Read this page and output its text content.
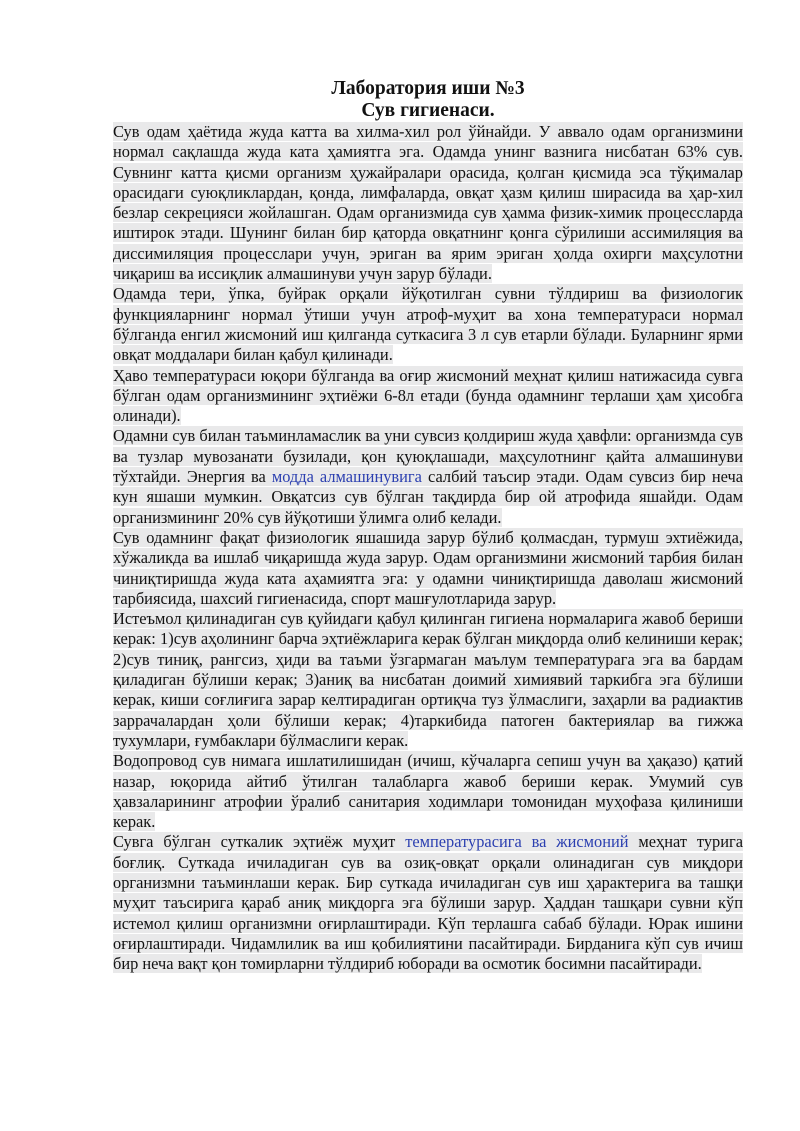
Лаборатория иши №3
Сув гигиенаси.

Сув одам ҳаётида жуда катта ва хилма-хил рол ўйнайди. У аввало одам организмини нормал сақлашда жуда ката ҳамиятга эга. Одамда унинг вазнига нисбатан 63% сув. Сувнинг катта қисми организм ҳужайралари орасида, қолган қисмида эса тўқималар орасидаги суюқликлардан, қонда, лимфаларда, овқат ҳазм қилиш ширасида ва ҳар-хил безлар секрецияси жойлашган. Одам организмида сув ҳамма физик-химик процессларда иштирок этади. Шунинг билан бир қаторда овқатнинг қонга сўрилиши ассимиляция ва диссимиляция процесслари учун, эриган ва ярим эриган ҳолда охирги маҳсулотни чиқариш ва иссиқлик алмашинуви учун зарур бўлади.

Одамда тери, ўпка, буйрак орқали йўқотилган сувни тўлдириш ва физиологик функцияларнинг нормал ўтиши учун атроф-муҳит ва хона температураси нормал бўлганда енгил жисмоний иш қилганда суткасига 3 л сув етарли бўлади. Буларнинг ярми овқат моддалари билан қабул қилинади.

Ҳаво температураси юқори бўлганда ва оғир жисмоний меҳнат қилиш натижасида сувга бўлган одам организмининг эҳтиёжи 6-8л етади (бунда одамнинг терлаши ҳам ҳисобга олинади).

Одамни сув билан таъминламаслик ва уни сувсиз қолдириш жуда ҳавфли: организмда сув ва тузлар мувозанати бузилади, қон қуюқлашади, маҳсулотнинг қайта алмашинуви тўхтайди. Энергия ва модда алмашинувига салбий таъсир этади. Одам сувсиз бир неча кун яшаши мумкин. Овқатсиз сув бўлган тақдирда бир ой атрофида яшайди. Одам организмининг 20% сув йўқотиши ўлимга олиб келади.

Сув одамнинг фақат физиологик яшашида зарур бўлиб қолмасдан, турмуш эхтиёжида, хўжаликда ва ишлаб чиқаришда жуда зарур. Одам организмини жисмоний тарбия билан чиниқтиришда жуда ката аҳамиятга эга: у одамни чиниқтиришда даволаш жисмоний тарбиясида, шахсий гигиенасида, спорт машғулотларида зарур.

Истеъмол қилинадиган сув қуйидаги қабул қилинган гигиена нормаларига жавоб бериши керак: 1)сув аҳолининг барча эҳтиёжларига керак бўлган миқдорда олиб келиниши керак; 2)сув тиниқ, рангсиз, ҳиди ва таъми ўзгармаган маълум температурага эга ва бардам қиладиган бўлиши керак; 3)аниқ ва нисбатан доимий химиявий таркибга эга бўлиши керак, киши соғлиғига зарар келтирадиган ортиқча туз ўлмаслиги, заҳарли ва радиактив заррачалардан ҳоли бўлиши керак; 4)таркибида патоген бактериялар ва гижжа тухумлари, ғумбаклари бўлмаслиги керак.

Водопровод сув нимага ишлатилишидан (ичиш, кўчаларга сепиш учун ва ҳақазо) қатий назар, юқорида айтиб ўтилган талабларга жавоб бериши керак. Умумий сув ҳавзаларининг атрофии ўралиб санитария ходимлари томонидан муҳофаза қилиниши керак.

Сувга бўлган суткалик эҳтиёж муҳит температурасига ва жисмоний меҳнат турига боғлиқ. Суткада ичиладиган сув ва озиқ-овқат орқали олинадиган сув миқдори организмни таъминлаши керак. Бир суткада ичиладиган сув иш ҳарактерига ва ташқи муҳит таъсирига қараб аниқ миқдорга эга бўлиши зарур. Ҳаддан ташқари сувни кўп истемол қилиш организмни оғирлаштиради. Кўп терлашга сабаб бўлади. Юрак ишини оғирлаштиради. Чидамлилик ва иш қобилиятини пасайтиради. Бирданига кўп сув ичиш бир неча вақт қон томирларни тўлдириб юборади ва осмотик босимни пасайтиради.
